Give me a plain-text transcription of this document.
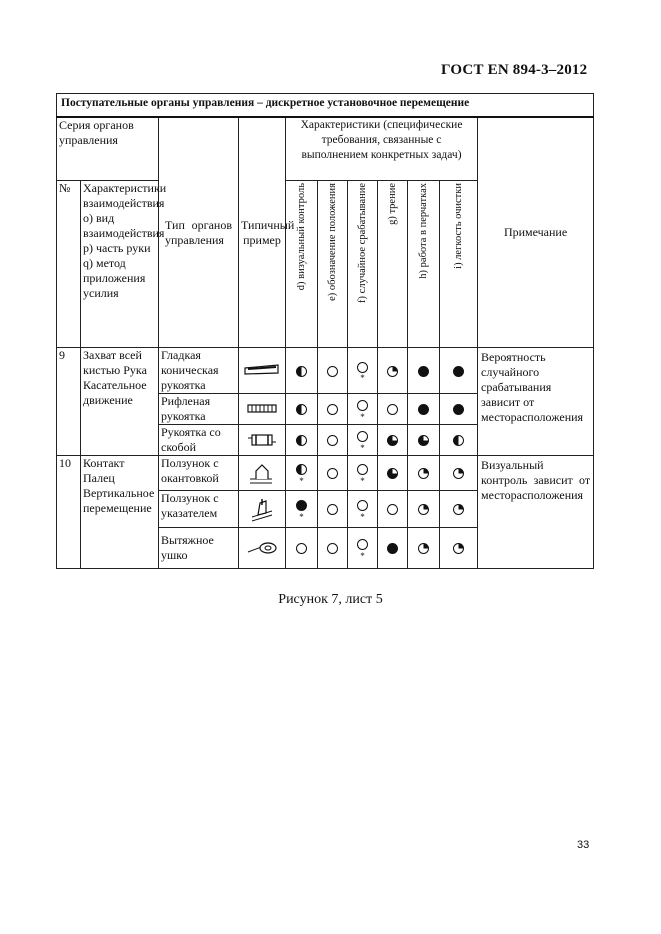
ГОСТ EN 894-3–2012
Поступательные органы управления – дискретное установочное перемещение										
Серия органов управления		Тип органов управления	Типичный пример	Характеристики (специфические требования, связанные с выполнением конкретных задач)						Примечание
№	Характеристики взаимодействия о) вид взаимодействия р) часть руки q) метод приложения усилия			d) визуальный контроль	e) обозначение положения	f) случайное срабатывание	g) трение	h) работа в перчатках	i) легкость очистки	
9	Захват всей кистью Рука Касательное движение	Гладкая коническая рукоятка				*				Вероятность случайного срабатывания зависит от месторасположения
		Рифленая рукоятка				*				

		Рукоятка со скобой				*				

10	Контакт Палец Вертикальное перемещение	Ползунок с окантовкой		*		*				Визуальный контроль зависит от месторасположения
		Ползунок с указателем		*		*				

		Вытяжное ушко				*				

Рисунок 7, лист 5
33
